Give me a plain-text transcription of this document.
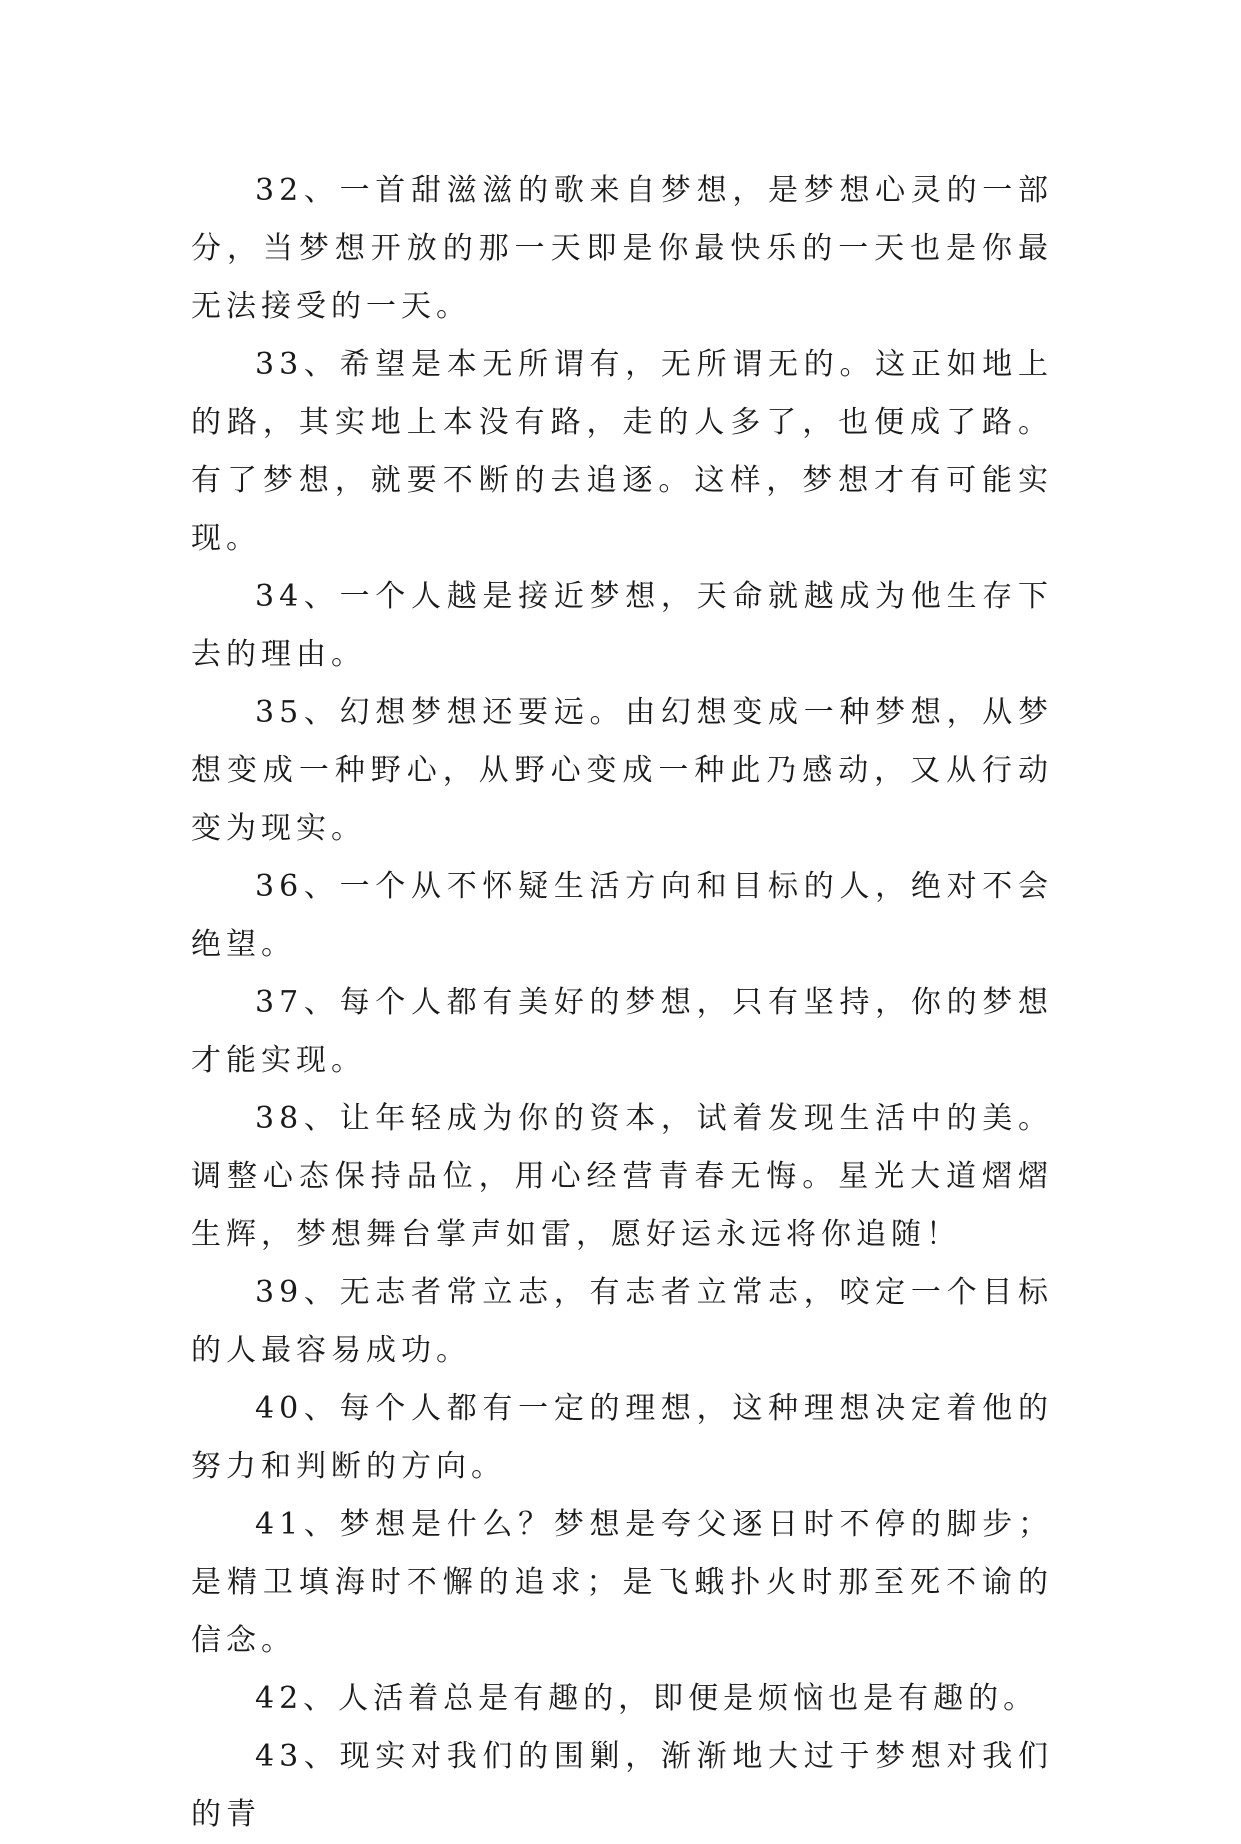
32、一首甜滋滋的歌来自梦想，是梦想心灵的一部分，当梦想开放的那一天即是你最快乐的一天也是你最无法接受的一天。

33、希望是本无所谓有，无所谓无的。这正如地上的路，其实地上本没有路，走的人多了，也便成了路。有了梦想，就要不断的去追逐。这样，梦想才有可能实现。

34、一个人越是接近梦想，天命就越成为他生存下去的理由。

35、幻想梦想还要远。由幻想变成一种梦想，从梦想变成一种野心，从野心变成一种此乃感动，又从行动变为现实。

36、一个从不怀疑生活方向和目标的人，绝对不会绝望。

37、每个人都有美好的梦想，只有坚持，你的梦想才能实现。

38、让年轻成为你的资本，试着发现生活中的美。调整心态保持品位，用心经营青春无悔。星光大道熠熠生辉，梦想舞台掌声如雷，愿好运永远将你追随！

39、无志者常立志，有志者立常志，咬定一个目标的人最容易成功。

40、每个人都有一定的理想，这种理想决定着他的努力和判断的方向。

41、梦想是什么？梦想是夸父逐日时不停的脚步；是精卫填海时不懈的追求；是飞蛾扑火时那至死不谕的信念。

42、人活着总是有趣的，即便是烦恼也是有趣的。

43、现实对我们的围剿，渐渐地大过于梦想对我们的青
